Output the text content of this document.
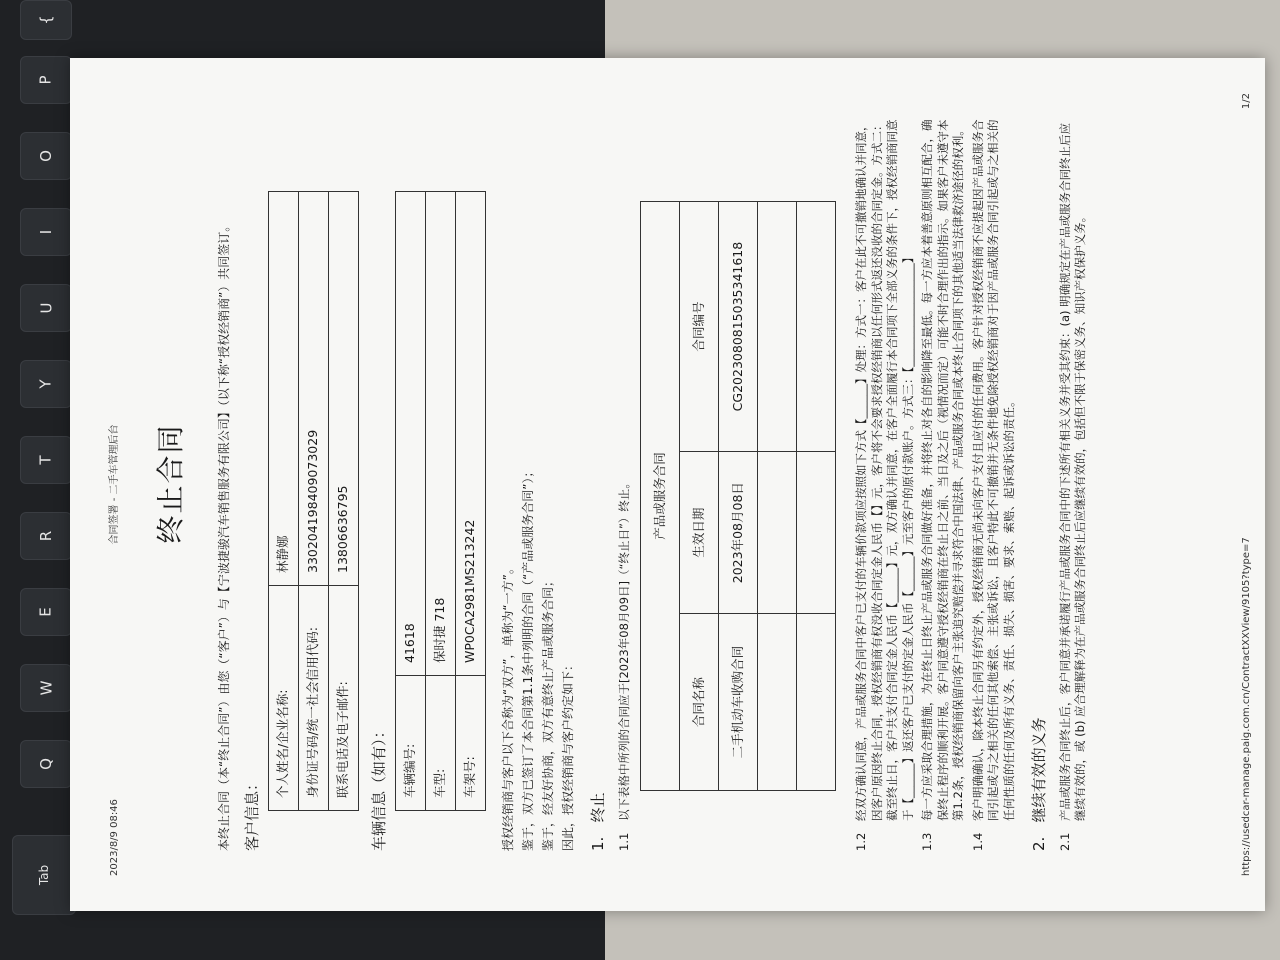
Q
W
E
R
T
Y
U
I
O
P
{
Tab	2023/8/9 08:46
合同签署 - 二手车管理后台 终止合同 本终止合同（本“终止合同”）由您（“客户”）与【宁波捷骏汽车销售服务有限公司】（以下称“授权经销商”）共同签订。 客户信息：
个人姓名/企业名称:	林静娜
身份证号码/统一社会信用代码:	330204198409073029
联系电话及电子邮件:	13806636795
车辆信息（如有）： 车辆编号:	41618
车型:	保时捷 718
车架号:	WP0CA2981MS213242 授权经销商与客户以下合称为“双方”，单称为“一方”。 鉴于，双方已签订了本合同第1.1条中列明的合同（“产品或服务合同”）； 鉴于，经友好协商，双方有意终止产品或服务合同； 因此，授权经销商与客户约定如下： 1.   终止
1.1
以下表格中所列的合同应于[2023年08月09日]（“终止日”）终止。 产品或服务合同		
合同名称	生效日期	合同编号
二手机动车收购合同	2023年08月08日	CG20230808150353416​18

1.2
经双方确认同意，产品或服务合同中客户已支付的车辆价款项应按照如下方式【______】处理：方式一：客户在此不可撤销地确认并同意，因客户原因终止合同，授权经销商有权没收合同定金人民币【】元，客户将不会要求授权经销商以任何形式返还没收的合同定金。方式二：截至终止日，客户共支付合同定金人民币【______】元，双方确认并同意，在客户全面履行本合同项下全部义务的条件下，授权经销商同意于【______】返还客户已支付的定金人民币【______】元至客户的原付款账户。方式三：【__________________】
1.3
每一方应采取合理措施，为在终止日终止产品或服务合同做好准备，并将终止对各自的影响降至最低。每一方应本着善意原则相互配合，确保终止程序的顺利开展。客户同意遵守授权经销商在终止日之前、当日及之后（视情况而定）可能不时合理作出的指示。如果客户未遵守本第1.2条，授权经销商保留向客户主张追究赔偿并寻求符合中国法律、产品或服务合同或本终止合同项下的其他适当法律救济途径的权利。
1.4
客户明确确认，除本终止合同另有约定外，授权经销商无尚未向客户支付且应付的任何费用。客户针对授权经销商不应提起因产品或服务合同引起或与之相关的任何其他索偿、主张或诉讼，且客户特此不可撤销并无条件地免除授权经销商对于因产品或服务合同引起或与之相关的任何性质的任何及所有义务、责任、损失、损害、要求、索赔、起诉或诉讼的责任。
2.   继续有效的义务
2.1
产品或服务合同终止后，客户同意并承诺履行产品或服务合同中的下述所有相关义务并受其约束：(a) 明确规定在产品或服务合同终止后应继续有效的，或 (b) 应合理解释为在产品或服务合同终止后应继续有效的，包括但不限于保密义务、知识产权保护义务。	https://usedcar-manage.paig.com.cn/ContractXXView/9105?type=7
1/2
